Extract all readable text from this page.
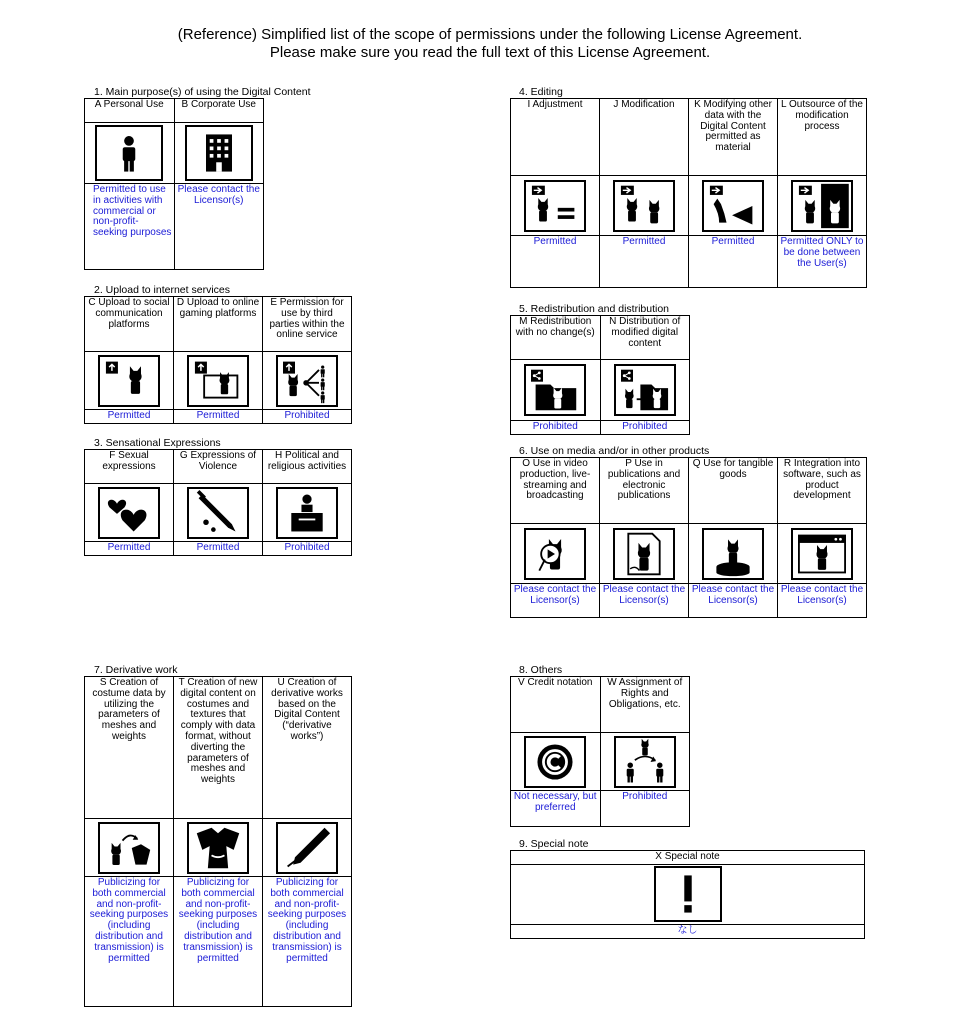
(Reference) Simplified list of the scope of permissions under the following License Agreement.
Please make sure you read the full text of this License Agreement.
1. Main purpose(s) of using the Digital Content
A Personal Use	B Corporate Use

Permitted to use in activities with commercial or non-profit-seeking purposes	Please contact the Licensor(s)
2. Upload to internet services
C Upload to social communication platforms	D Upload to online gaming platforms	E Permission for use by third parties within the online service

Permitted	Permitted	Prohibited
3. Sensational Expressions
F Sexual expressions	G Expressions of Violence	H Political and religious activities

Permitted	Permitted	Prohibited
4. Editing
I Adjustment	J Modification	K Modifying other data with the Digital Content permitted as material	L Outsource of the modification process

Permitted	Permitted	Permitted	Permitted ONLY to be done between the User(s)
5. Redistribution and distribution
M Redistribution with no change(s)	N Distribution of modified digital content

Prohibited	Prohibited
6. Use on media and/or in other products
O Use in video production, live-streaming and broadcasting	P Use in publications and electronic publications	Q Use for tangible goods	R Integration into software, such as product development

Please contact the Licensor(s)	Please contact the Licensor(s)	Please contact the Licensor(s)	Please contact the Licensor(s)
7. Derivative work
S Creation of costume data by utilizing the parameters of meshes and weights	T Creation of new digital content on costumes and textures that comply with data format, without diverting the parameters of meshes and weights	U Creation of derivative works based on the Digital Content (“derivative works”)

Publicizing for both commercial and non-profit-seeking purposes (including distribution and transmission) is permitted	Publicizing for both commercial and non-profit-seeking purposes (including distribution and transmission) is permitted	Publicizing for both commercial and non-profit-seeking purposes (including distribution and transmission) is permitted
8. Others
V Credit notation	W Assignment of Rights and Obligations, etc.

Not necessary, but preferred	Prohibited
9. Special note
X Special note

なし
